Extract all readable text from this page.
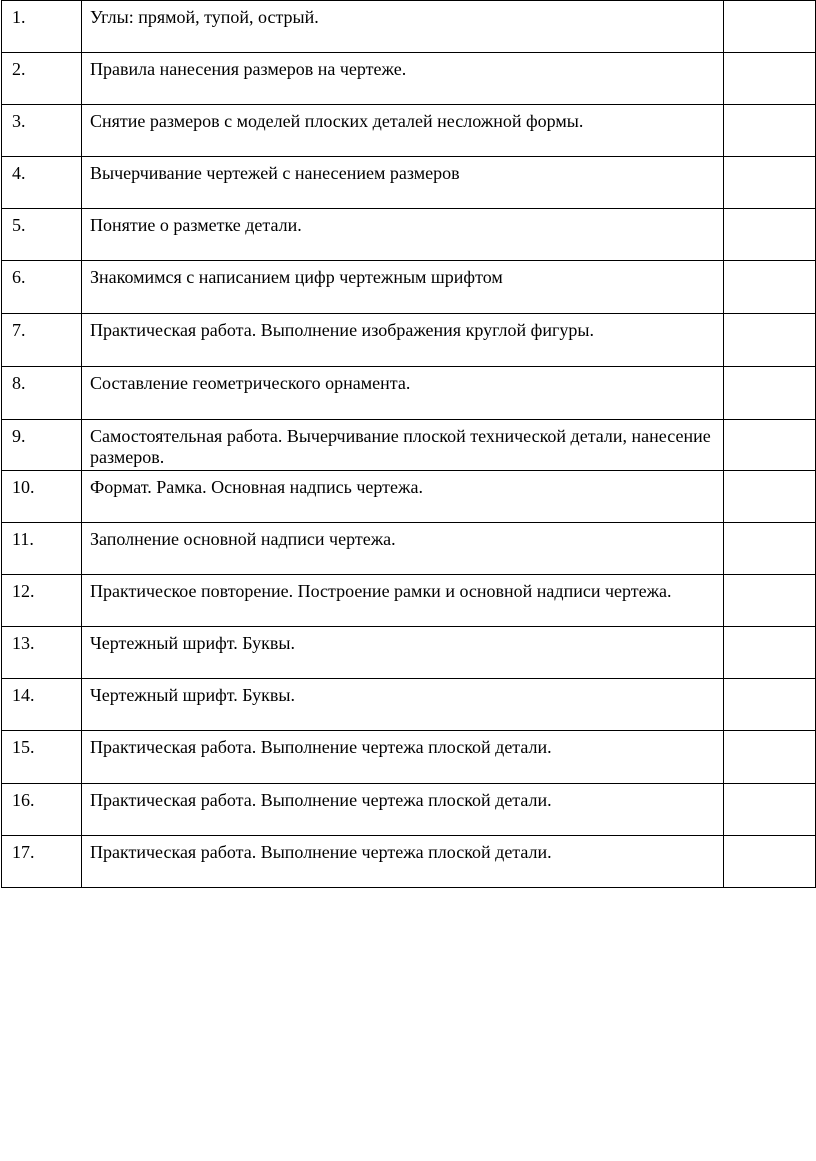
1.	Углы: прямой, тупой, острый.	
2.	Правила нанесения размеров на чертеже.	
3.	Снятие размеров с моделей плоских деталей несложной формы.	
4.	Вычерчивание чертежей с нанесением размеров	
5.	Понятие о разметке детали.	
6.	Знакомимся с написанием цифр чертежным шрифтом	
7.	Практическая работа. Выполнение изображения круглой фигуры.	
8.	Составление геометрического орнамента.	
9.	Самостоятельная работа. Вычерчивание плоской технической детали, нанесение размеров.	
10.	Формат. Рамка. Основная надпись чертежа.	
11.	Заполнение основной надписи чертежа.	
12.	Практическое повторение. Построение рамки и основной надписи чертежа.	
13.	Чертежный шрифт. Буквы.	
14.	Чертежный шрифт. Буквы.	
15.	Практическая работа. Выполнение чертежа плоской детали.	
16.	Практическая работа. Выполнение чертежа плоской детали.	
17.	Практическая работа. Выполнение чертежа плоской детали.	
